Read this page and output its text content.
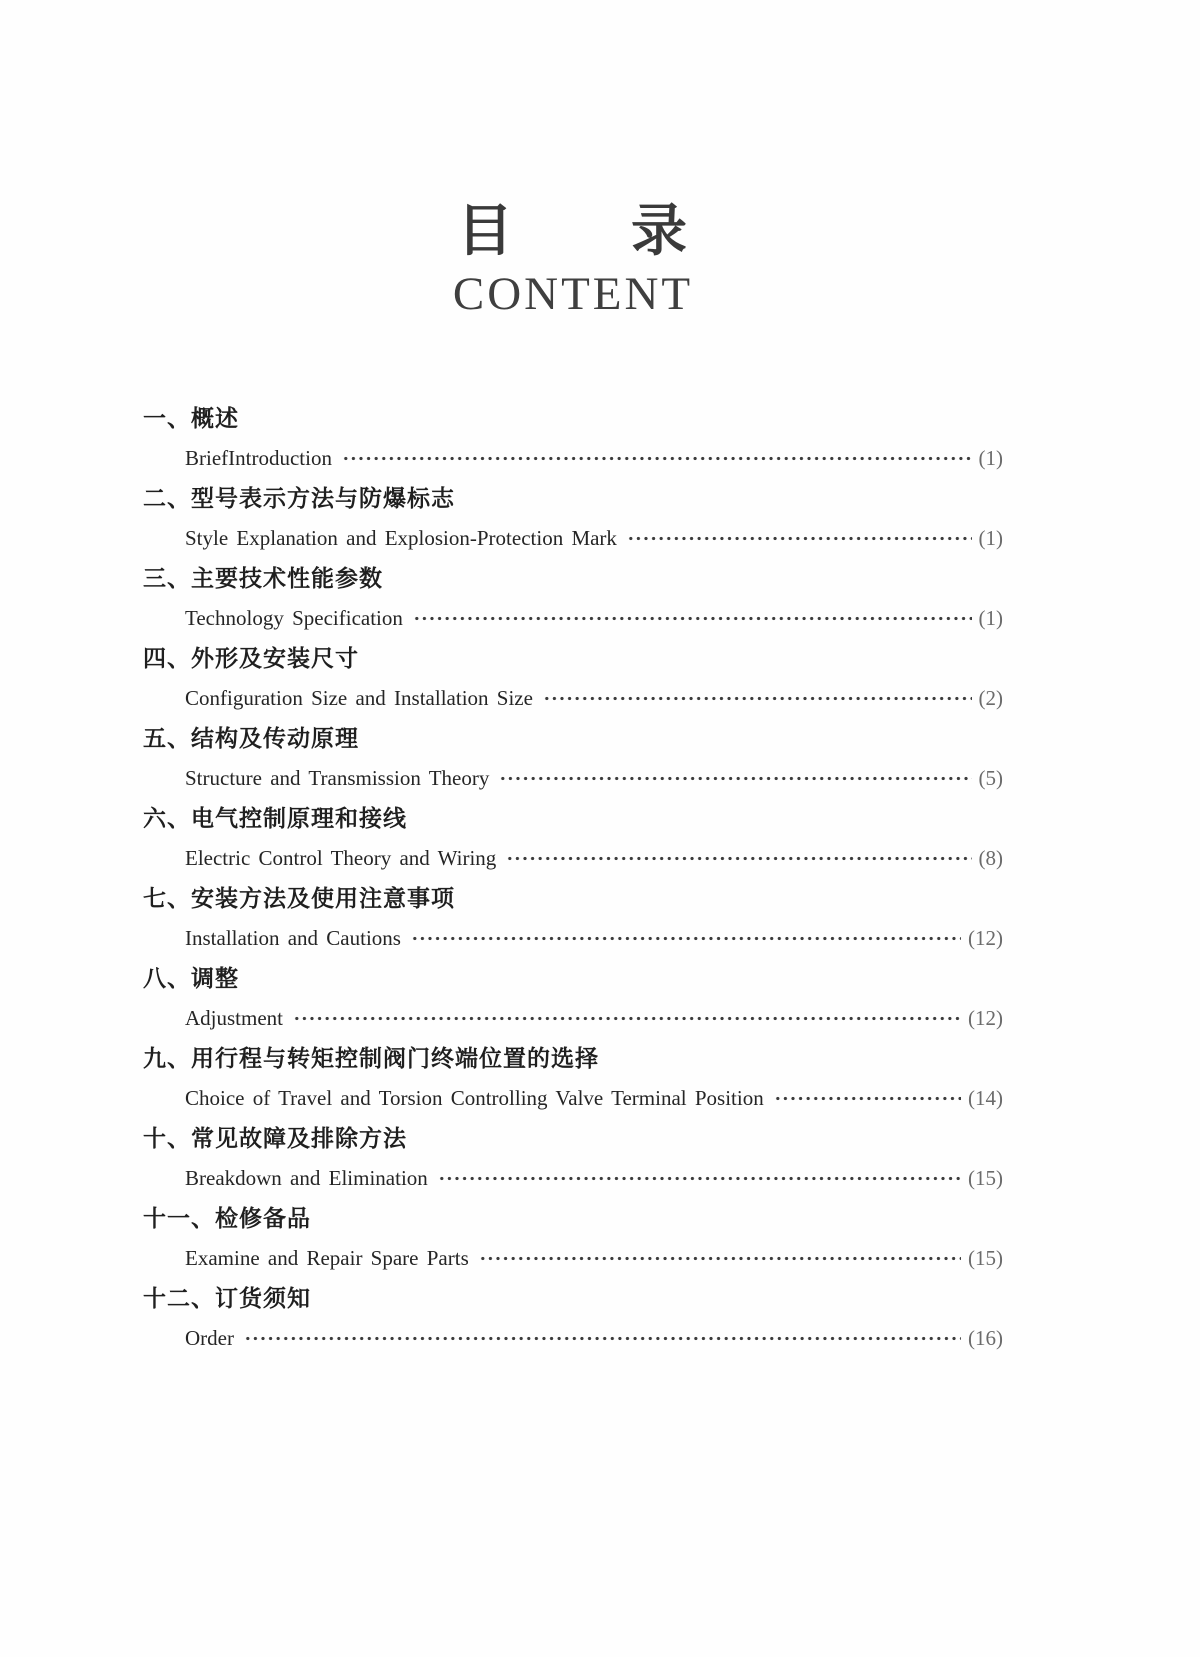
目　　录
CONTENT
一、概述
BriefIntroduction	(1)
二、型号表示方法与防爆标志
Style Explanation and Explosion-Protection Mark	(1)
三、主要技术性能参数
Technology Specification	(1)
四、外形及安装尺寸
Configuration Size and Installation Size	(2)
五、结构及传动原理
Structure and Transmission Theory	(5)
六、电气控制原理和接线
Electric Control Theory and Wiring	(8)
七、安装方法及使用注意事项
Installation and Cautions	(12)
八、调整
Adjustment	(12)
九、用行程与转矩控制阀门终端位置的选择
Choice of Travel and Torsion Controlling Valve Terminal Position	(14)
十、常见故障及排除方法
Breakdown and Elimination	(15)
十一、检修备品
Examine and Repair Spare Parts	(15)
十二、订货须知
Order	(16)
